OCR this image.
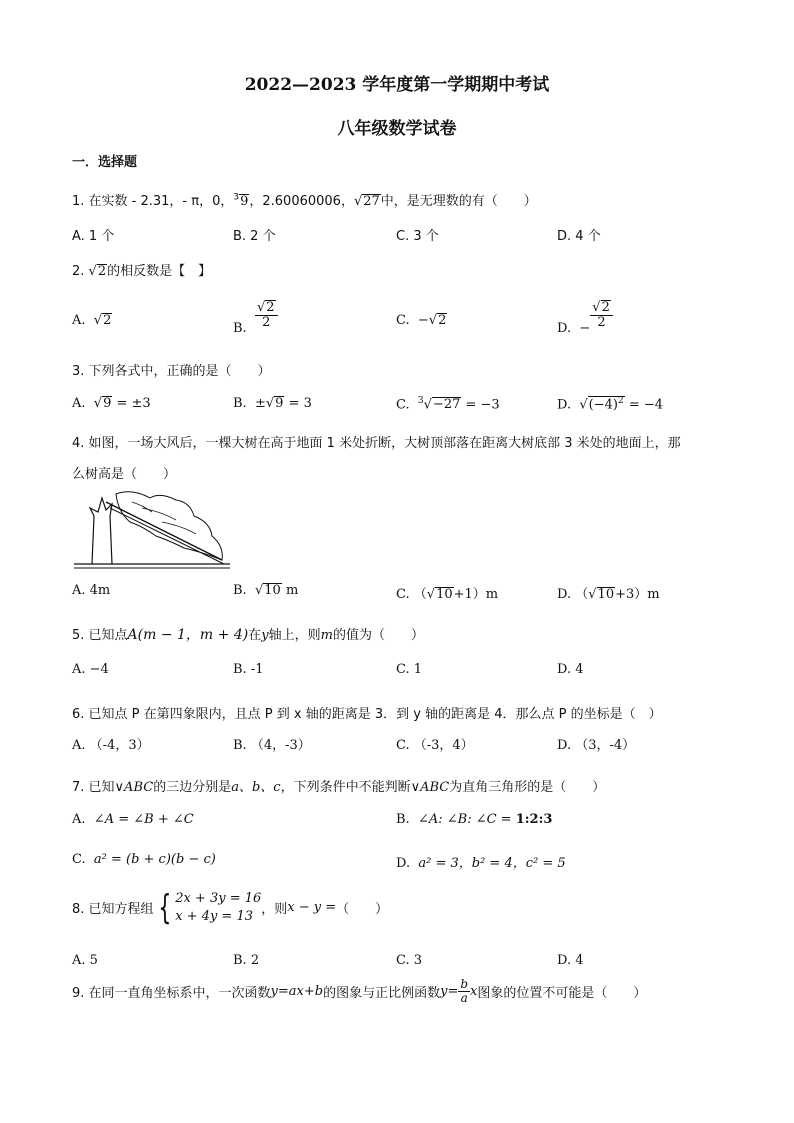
2022—2023 学年度第一学期期中考试
八年级数学试卷
一．选择题
1. 在实数 - 2.31，- π，0，$^3$9，2.60060006，√27中，是无理数的有（　　）
A. 1 个	B. 2 个	C. 3 个	D. 4 个
2. √2的相反数是【　】
A.  √2
B. $\frac{√2}{2}$	C. −√2
D. − $\frac{√2}{2}$
3. 下列各式中，正确的是（　　）
A.  √9 = ±3	B. ±√9 = 3	C. $^3$√−27 = −3	D.  $√(-4)^2 = -4$
4. 如图，一场大风后，一棵大树在高于地面 1 米处折断，大树顶部落在距离大树底部 3 米处的地面上，那
么树高是（　　）
A. 4m	B.  √10 m	C. （√10+1）m	D. （√10+3）m
5. 已知点A(m − 1，m + 4)在y轴上，则m的值为（　　）
A. −4	B. -1	C. 1	D. 4
6. 已知点 P 在第四象限内，且点 P 到 x 轴的距离是 3．到 y 轴的距离是 4．那么点 P 的坐标是（　）
A. （-4，3）	B. （4，-3）	C. （-3，4）	D. （3，-4）
7. 已知∨ABC的三边分别是a、b、c，下列条件中不能判断∨ABC为直角三角形的是（　　）
A. ∠A = ∠B + ∠C	B. ∠A: ∠B: ∠C = 1:2:3
C. a² = (b + c)(b − c)	D. a² = 3，b² = 4，c² = 5
8. 已知方程组 { 2x + 3y = 16
x + 4y = 13 ，则x − y =（　　）
A. 5	B. 2	C. 3	D. 4
9. 在同一直角坐标系中，一次函数y=ax+b的图象与正比例函数$y= \frac{b}{a}$ x图象的位置不可能是（　　）
